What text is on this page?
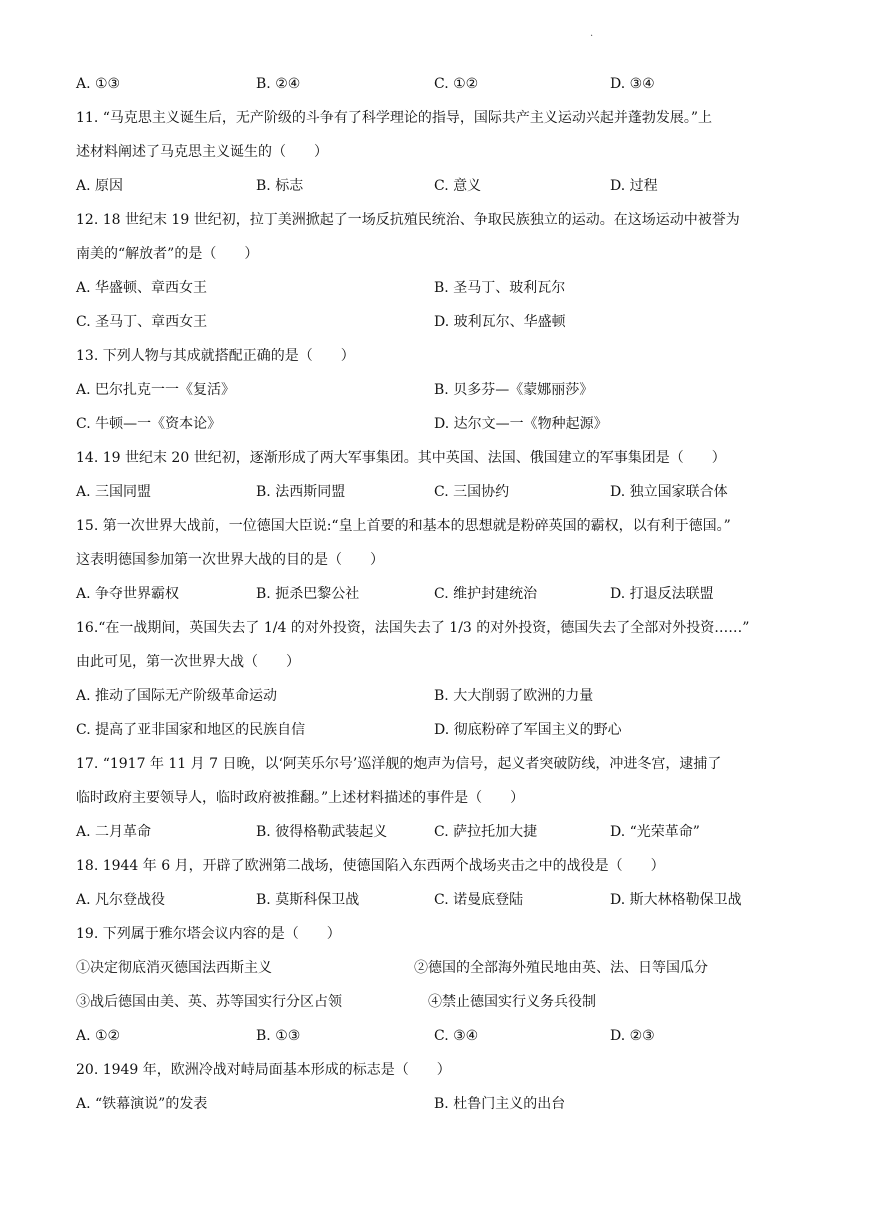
.
A. ①③	B. ②④	C. ①②	D. ③④
11. “马克思主义诞生后，无产阶级的斗争有了科学理论的指导，国际共产主义运动兴起并蓬勃发展。”上
述材料阐述了马克思主义诞生的（　　）
A. 原因	B. 标志	C. 意义	D. 过程
12. 18 世纪末 19 世纪初，拉丁美洲掀起了一场反抗殖民统治、争取民族独立的运动。在这场运动中被誉为
南美的“解放者”的是（　　）
A. 华盛顿、章西女王	B. 圣马丁、玻利瓦尔
C. 圣马丁、章西女王	D. 玻利瓦尔、华盛顿
13. 下列人物与其成就搭配正确的是（　　）
A. 巴尔扎克一一《复活》	B. 贝多芬—《蒙娜丽莎》
C. 牛顿—一《资本论》	D. 达尔文—一《物种起源》
14. 19 世纪末 20 世纪初，逐渐形成了两大军事集团。其中英国、法国、俄国建立的军事集团是（　　）
A. 三国同盟	B. 法西斯同盟	C. 三国协约	D. 独立国家联合体
15. 第一次世界大战前，一位德国大臣说:“皇上首要的和基本的思想就是粉碎英国的霸权，以有利于德国。”
这表明德国参加第一次世界大战的目的是（　　）
A. 争夺世界霸权	B. 扼杀巴黎公社	C. 维护封建统治	D. 打退反法联盟
16.“在一战期间，英国失去了 1/4 的对外投资，法国失去了 1/3 的对外投资，德国失去了全部对外投资……”
由此可见，第一次世界大战（　　）
A. 推动了国际无产阶级革命运动	B. 大大削弱了欧洲的力量
C. 提高了亚非国家和地区的民族自信	D. 彻底粉碎了军国主义的野心
17. “1917 年 11 月 7 日晚，以‘阿芙乐尔号’巡洋舰的炮声为信号，起义者突破防线，冲进冬宫，逮捕了
临时政府主要领导人，临时政府被推翻。”上述材料描述的事件是（　　）
A. 二月革命	B. 彼得格勒武装起义	C. 萨拉托加大捷	D. “光荣革命”
18. 1944 年 6 月，开辟了欧洲第二战场，使德国陷入东西两个战场夹击之中的战役是（　　）
A. 凡尔登战役	B. 莫斯科保卫战	C. 诺曼底登陆	D. 斯大林格勒保卫战
19. 下列属于雅尔塔会议内容的是（　　）
①决定彻底消灭德国法西斯主义	②德国的全部海外殖民地由英、法、日等国瓜分
③战后德国由美、英、苏等国实行分区占领	④禁止德国实行义务兵役制
A. ①②	B. ①③	C. ③④	D. ②③
20. 1949 年，欧洲冷战对峙局面基本形成的标志是（　　）
A. “铁幕演说”的发表	B. 杜鲁门主义的出台
